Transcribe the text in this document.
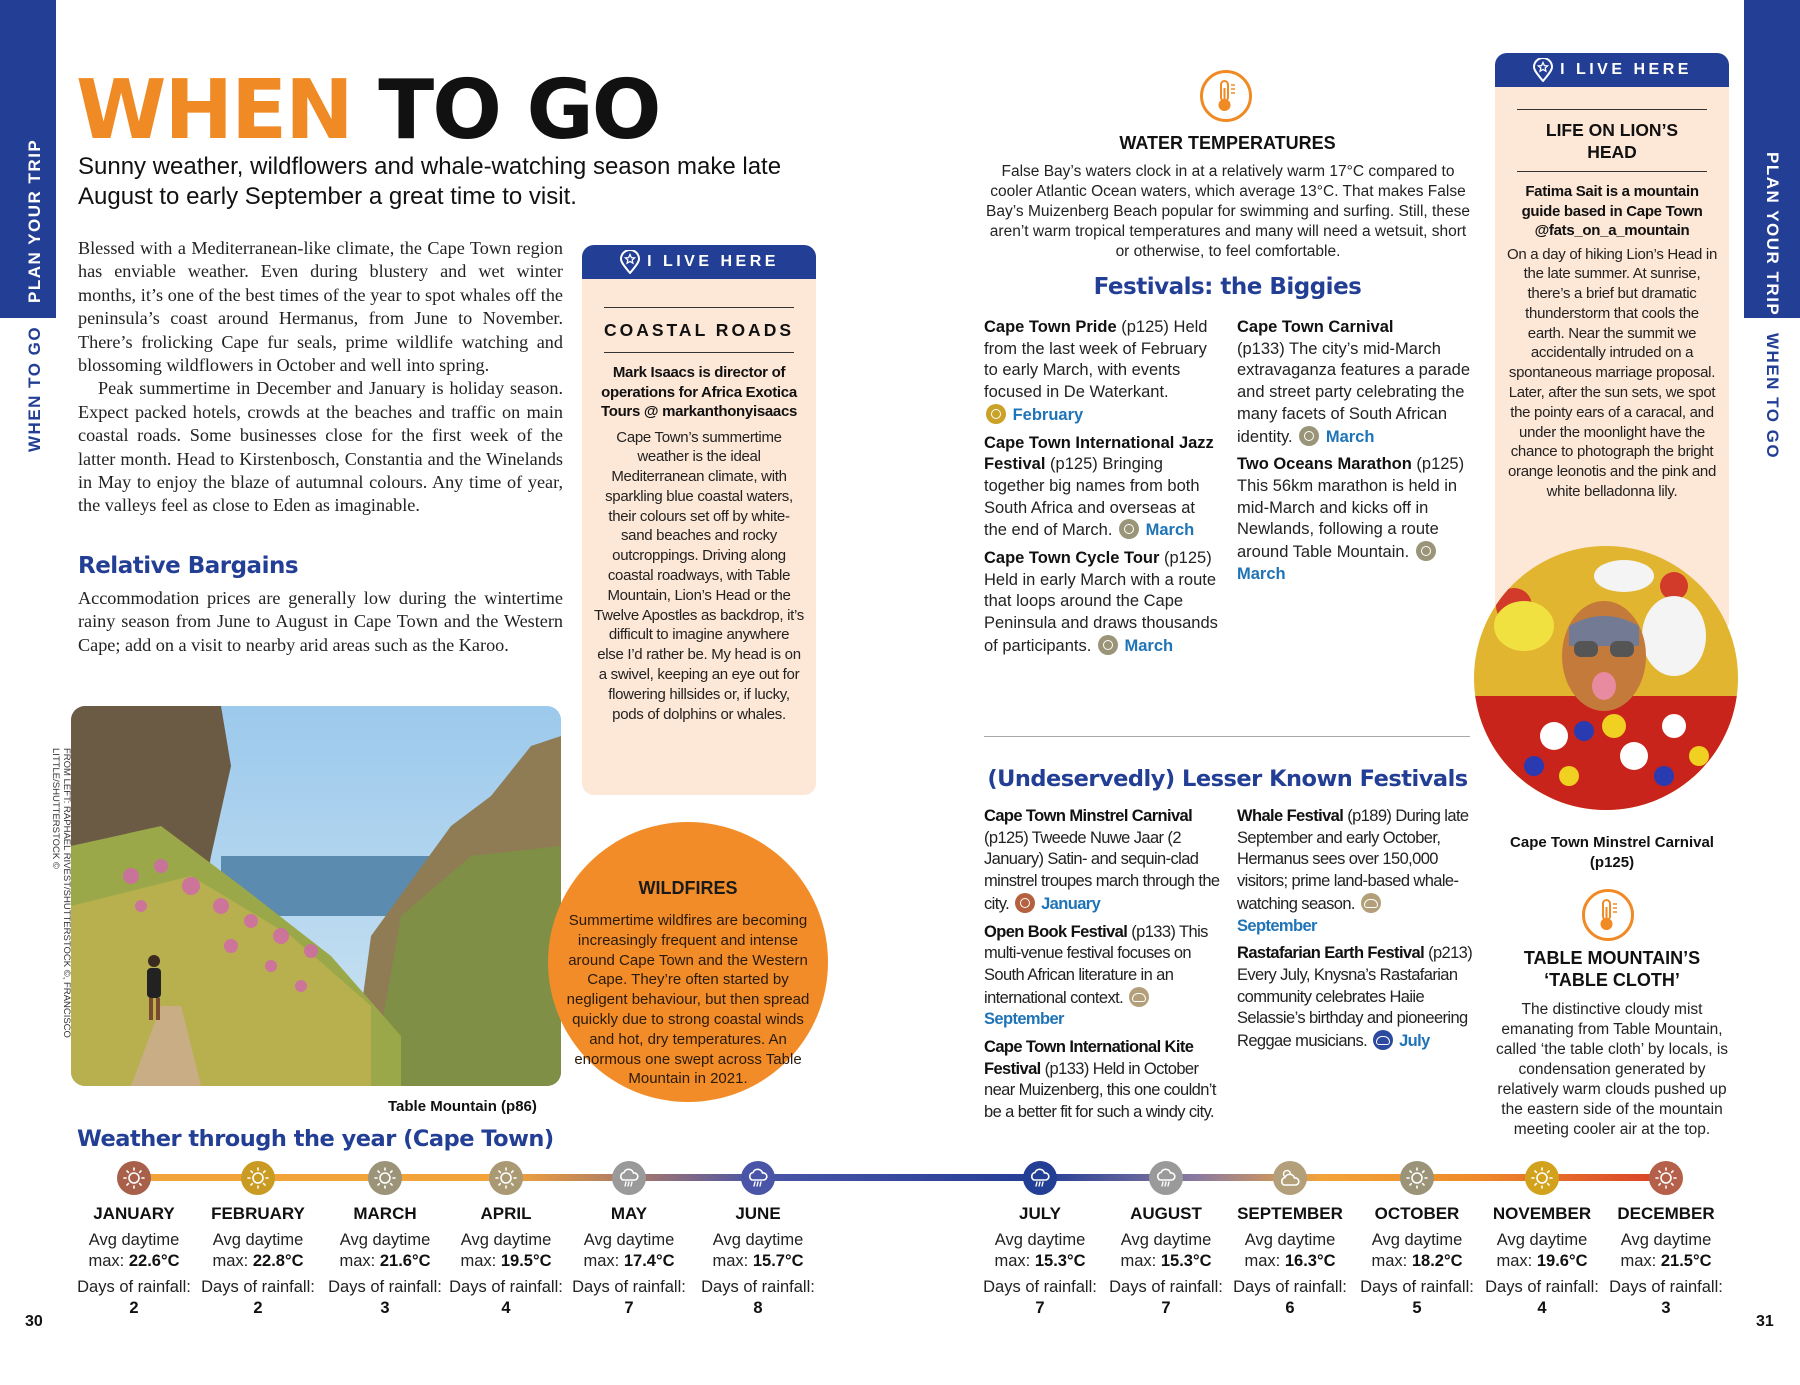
PLAN YOUR TRIP
WHEN TO GO
PLAN YOUR TRIP
WHEN TO GO
WHEN TO GO
Sunny weather, wildflowers and whale-watching season make late August to early September a great time to visit.

Blessed with a Mediterranean-like climate, the Cape Town region has enviable weather. Even during blustery and wet winter months, it’s one of the best times of the year to spot whales off the peninsula’s coast around Hermanus, from June to November. There’s frolicking Cape fur seals, prime wildlife watching and blossoming wildflowers in October and well into spring.

Peak summertime in December and January is holiday season. Expect packed hotels, crowds at the beaches and traffic on main coastal roads. Some businesses close for the first week of the latter month. Head to Kirstenbosch, Constantia and the Winelands in May to enjoy the blaze of autumnal colours. Any time of year, the valleys feel as close to Eden as imaginable.

Relative Bargains
Accommodation prices are generally low during the wintertime rainy season from June to August in Cape Town and the Western Cape; add on a visit to nearby arid areas such as the Karoo.
FROM LEFT: RAPHAEL RIVEST/SHUTTERSTOCK ©, FRANCISCO LITTLE/SHUTTERSTOCK ©
Table Mountain (p86)
I LIVE HERE
COASTAL ROADS
Mark Isaacs is director of operations for Africa Exotica Tours @ markanthonyisaacs
Cape Town’s summertime weather is the ideal Mediterranean climate, with sparkling blue coastal waters, their colours set off by white-sand beaches and rocky outcroppings. Driving along coastal roadways, with Table Mountain, Lion’s Head or the Twelve Apostles as backdrop, it’s difficult to imagine anywhere else I’d rather be. My head is on a swivel, keeping an eye out for flowering hillsides or, if lucky, pods of dolphins or whales.
WILDFIRES
Summertime wildfires are becoming increasingly frequent and intense around Cape Town and the Western Cape. They’re often started by negligent behaviour, but then spread quickly due to strong coastal winds and hot, dry temperatures. An enormous one swept across Table Mountain in 2021.
WATER TEMPERATURES
False Bay’s waters clock in at a relatively warm 17°C compared to cooler Atlantic Ocean waters, which average 13°C. That makes False Bay’s Muizenberg Beach popular for swimming and surfing. Still, these aren’t warm tropical temperatures and many will need a wetsuit, short or otherwise, to feel comfortable.
Festivals: the Biggies

Cape Town Pride (p125) Held from the last week of February to early March, with events focused in De Waterkant.
February

Cape Town International Jazz Festival (p125) Bringing together big names from both South Africa and overseas at the end of March. March

Cape Town Cycle Tour (p125) Held in early March with a route that loops around the Cape Peninsula and draws thousands of participants. March

Cape Town Carnival
(p133) The city’s mid-March extravaganza features a parade and street party celebrating the many facets of South African identity. March

Two Oceans Marathon (p125) This 56km marathon is held in mid-March and kicks off in Newlands, following a route around Table Mountain.
March

(Undeservedly) Lesser Known Festivals

Cape Town Minstrel Carnival
(p125) Tweede Nuwe Jaar (2 January) Satin- and sequin-clad minstrel troupes march through the city. January

Open Book Festival (p133) This multi-venue festival focuses on South African literature in an international context.
September

Cape Town International Kite Festival (p133) Held in October near Muizenberg, this one couldn’t be a better fit for such a windy city.

Whale Festival (p189) During late September and early October, Hermanus sees over 150,000 visitors; prime land-based whale-watching season.
September

Rastafarian Earth Festival (p213) Every July, Knysna’s Rastafarian community celebrates Haiie Selassie’s birthday and pioneering Reggae musicians. July

I LIVE HERE
LIFE ON LION’S HEAD
Fatima Sait is a mountain guide based in Cape Town @fats_on_a_mountain
On a day of hiking Lion’s Head in the late summer. At sunrise, there’s a brief but dramatic thunderstorm that cools the earth. Near the summit we accidentally intruded on a spontaneous marriage proposal. Later, after the sun sets, we spot the pointy ears of a caracal, and under the moonlight have the chance to photograph the bright orange leonotis and the pink and white belladonna lily.
Cape Town Minstrel Carnival (p125)
TABLE MOUNTAIN’S ‘TABLE CLOTH’
The distinctive cloudy mist emanating from Table Mountain, called ‘the table cloth’ by locals, is condensation generated by relatively warm clouds pushed up the eastern side of the mountain meeting cooler air at the top.
Weather through the year (Cape Town)
JANUARY
Avg daytime
max: 22.6°C
Days of rainfall:
2
FEBRUARY
Avg daytime
max: 22.8°C
Days of rainfall:
2
MARCH
Avg daytime
max: 21.6°C
Days of rainfall:
3
APRIL
Avg daytime
max: 19.5°C
Days of rainfall:
4
MAY
Avg daytime
max: 17.4°C
Days of rainfall:
7
JUNE
Avg daytime
max: 15.7°C
Days of rainfall:
8
JULY
Avg daytime
max: 15.3°C
Days of rainfall:
7
AUGUST
Avg daytime
max: 15.3°C
Days of rainfall:
7
SEPTEMBER
Avg daytime
max: 16.3°C
Days of rainfall:
6
OCTOBER
Avg daytime
max: 18.2°C
Days of rainfall:
5
NOVEMBER
Avg daytime
max: 19.6°C
Days of rainfall:
4
DECEMBER
Avg daytime
max: 21.5°C
Days of rainfall:
3
30	31
